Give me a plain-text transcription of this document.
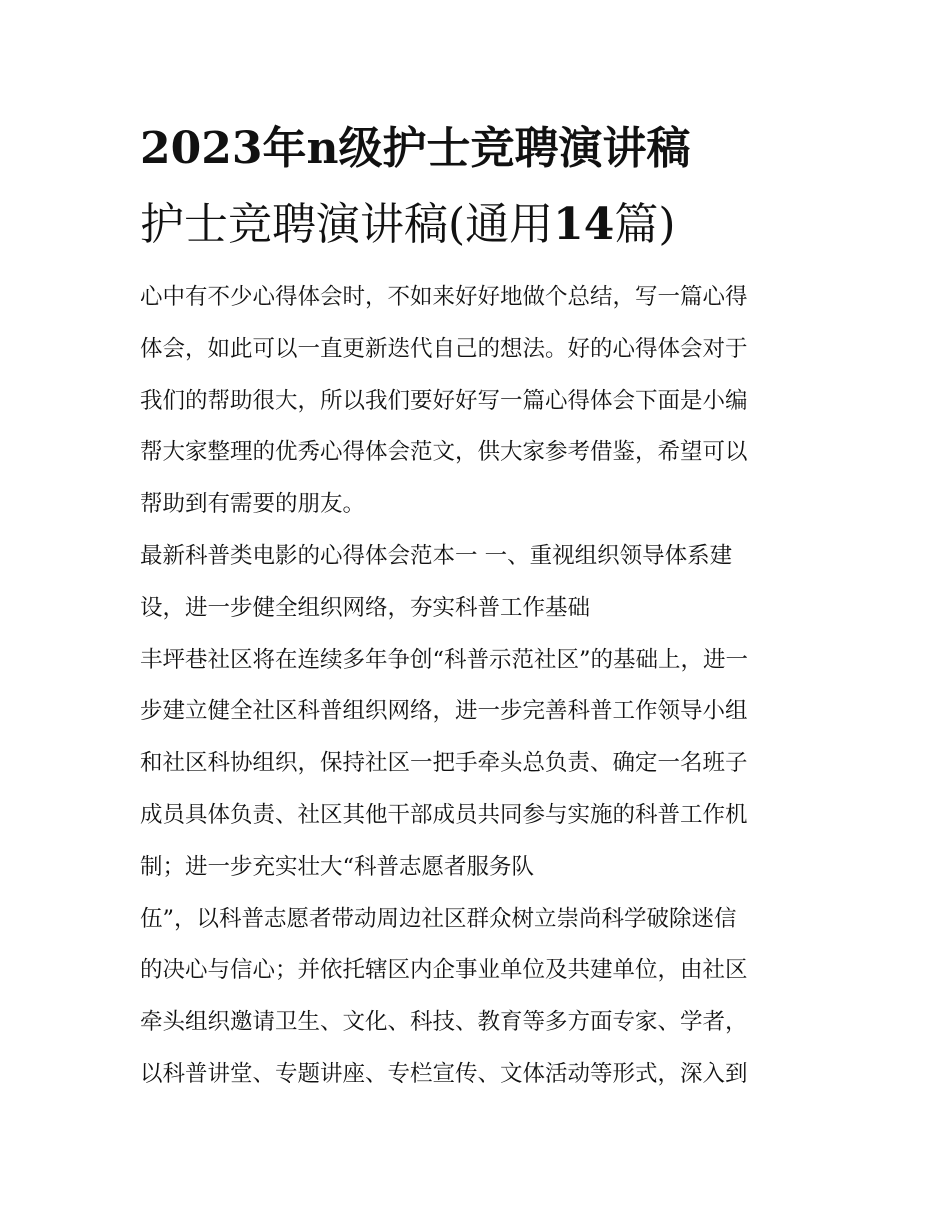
2023年n级护士竞聘演讲稿
护士竞聘演讲稿(通用14篇)

心中有不少心得体会时，不如来好好地做个总结，写一篇心得
体会，如此可以一直更新迭代自己的想法。好的心得体会对于
我们的帮助很大，所以我们要好好写一篇心得体会下面是小编
帮大家整理的优秀心得体会范文，供大家参考借鉴，希望可以
帮助到有需要的朋友。

最新科普类电影的心得体会范本一 一、重视组织领导体系建
设，进一步健全组织网络，夯实科普工作基础

丰坪巷社区将在连续多年争创“科普示范社区”的基础上，进一
步建立健全社区科普组织网络，进一步完善科普工作领导小组
和社区科协组织，保持社区一把手牵头总负责、确定一名班子
成员具体负责、社区其他干部成员共同参与实施的科普工作机
制；进一步充实壮大“科普志愿者服务队
伍”，以科普志愿者带动周边社区群众树立崇尚科学破除迷信
的决心与信心；并依托辖区内企事业单位及共建单位，由社区
牵头组织邀请卫生、文化、科技、教育等多方面专家、学者，
以科普讲堂、专题讲座、专栏宣传、文体活动等形式，深入到
